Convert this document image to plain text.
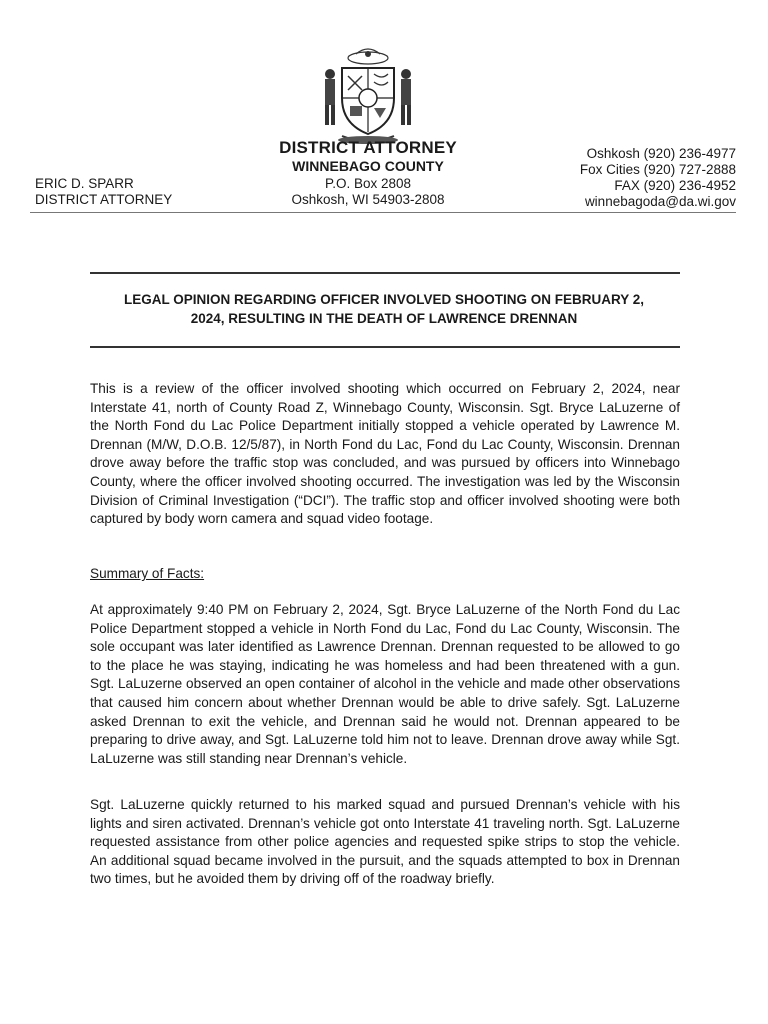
DISTRICT ATTORNEY
WINNEBAGO COUNTY
P.O. Box 2808
Oshkosh, WI 54903-2808
ERIC D. SPARR
DISTRICT ATTORNEY
Oshkosh (920) 236-4977
Fox Cities (920) 727-2888
FAX (920) 236-4952
winnebagoda@da.wi.gov
LEGAL OPINION REGARDING OFFICER INVOLVED SHOOTING ON FEBRUARY 2,
2024, RESULTING IN THE DEATH OF LAWRENCE DRENNAN
This is a review of the officer involved shooting which occurred on February 2, 2024, near Interstate 41, north of County Road Z, Winnebago County, Wisconsin. Sgt. Bryce LaLuzerne of the North Fond du Lac Police Department initially stopped a vehicle operated by Lawrence M. Drennan (M/W, D.O.B. 12/5/87), in North Fond du Lac, Fond du Lac County, Wisconsin. Drennan drove away before the traffic stop was concluded, and was pursued by officers into Winnebago County, where the officer involved shooting occurred. The investigation was led by the Wisconsin Division of Criminal Investigation (“DCI”). The traffic stop and officer involved shooting were both captured by body worn camera and squad video footage.
Summary of Facts:
At approximately 9:40 PM on February 2, 2024, Sgt. Bryce LaLuzerne of the North Fond du Lac Police Department stopped a vehicle in North Fond du Lac, Fond du Lac County, Wisconsin. The sole occupant was later identified as Lawrence Drennan. Drennan requested to be allowed to go to the place he was staying, indicating he was homeless and had been threatened with a gun. Sgt. LaLuzerne observed an open container of alcohol in the vehicle and made other observations that caused him concern about whether Drennan would be able to drive safely. Sgt. LaLuzerne asked Drennan to exit the vehicle, and Drennan said he would not. Drennan appeared to be preparing to drive away, and Sgt. LaLuzerne told him not to leave. Drennan drove away while Sgt. LaLuzerne was still standing near Drennan’s vehicle.
Sgt. LaLuzerne quickly returned to his marked squad and pursued Drennan’s vehicle with his lights and siren activated. Drennan’s vehicle got onto Interstate 41 traveling north. Sgt. LaLuzerne requested assistance from other police agencies and requested spike strips to stop the vehicle. An additional squad became involved in the pursuit, and the squads attempted to box in Drennan two times, but he avoided them by driving off of the roadway briefly.
